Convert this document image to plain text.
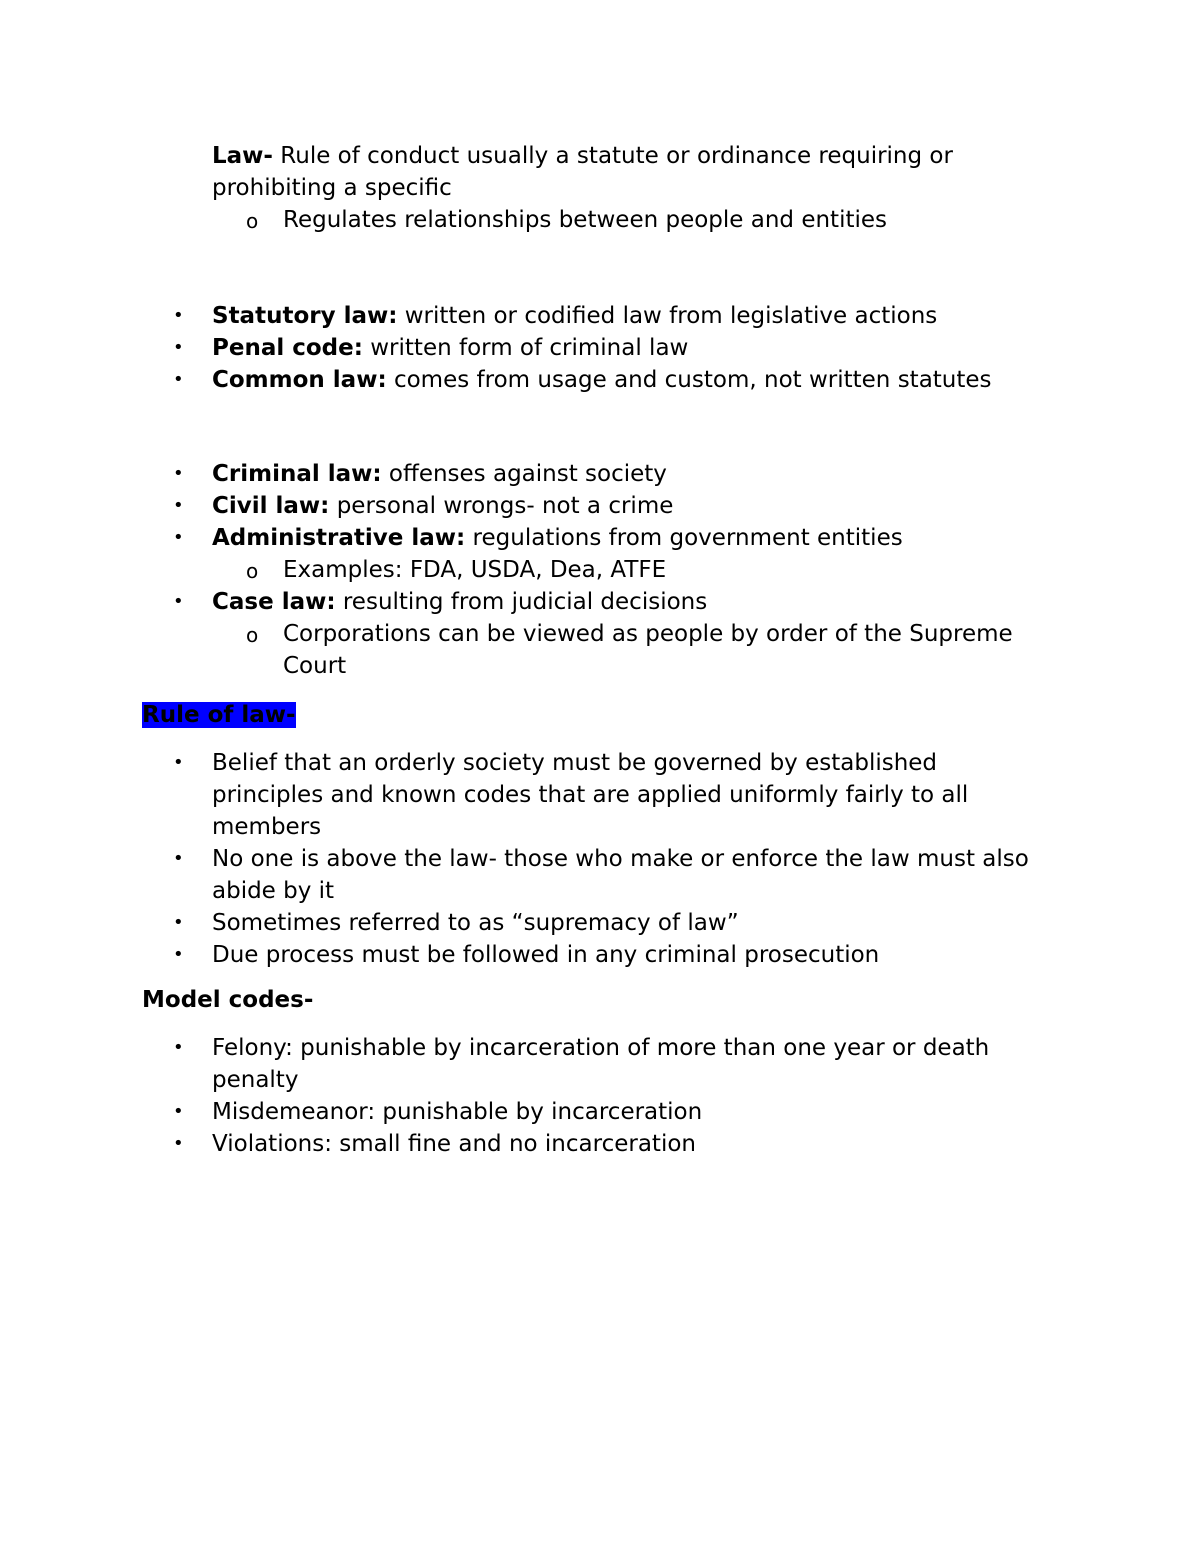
Law- Rule of conduct usually a statute or ordinance requiring or
prohibiting a specific
o Regulates relationships between people and entities
• Statutory law: written or codified law from legislative actions
• Penal code: written form of criminal law
• Common law: comes from usage and custom, not written statutes
• Criminal law: offenses against society
• Civil law: personal wrongs- not a crime
• Administrative law: regulations from government entities
o Examples: FDA, USDA, Dea, ATFE
• Case law: resulting from judicial decisions
o Corporations can be viewed as people by order of the Supreme
Court
Rule of law-
• Belief that an orderly society must be governed by established
principles and known codes that are applied uniformly fairly to all
members
• No one is above the law- those who make or enforce the law must also
abide by it
• Sometimes referred to as “supremacy of law”
• Due process must be followed in any criminal prosecution
Model codes-
• Felony: punishable by incarceration of more than one year or death
penalty
• Misdemeanor: punishable by incarceration
• Violations: small fine and no incarceration
